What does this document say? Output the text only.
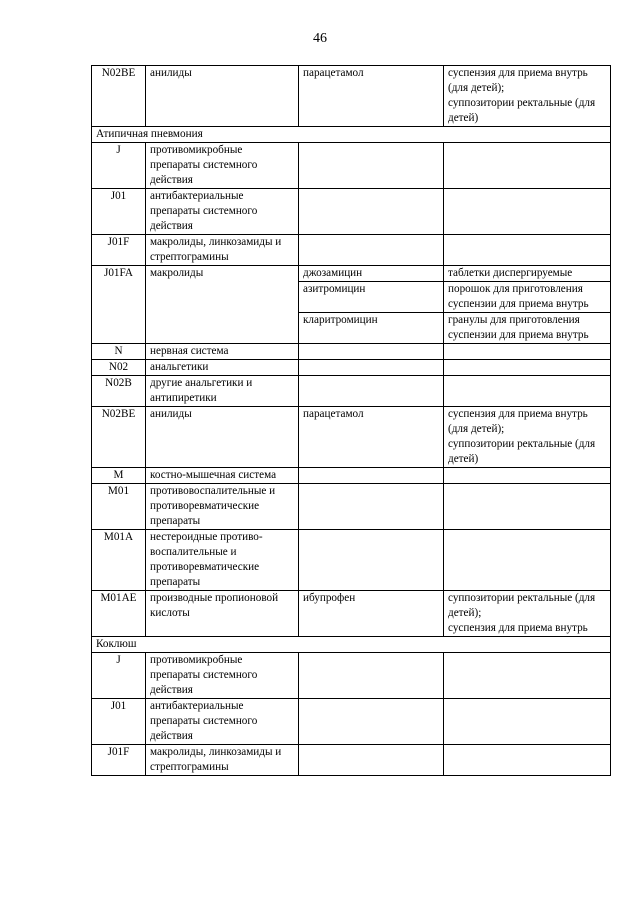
46
N02BE	анилиды	парацетамол	суспензия для приема внутрь (для детей);
суппозитории ректальные (для детей)

Атипичная пневмония			

J	противомикробные препараты системного действия		

J01	антибактериальные препараты системного действия		

J01F	макролиды, линкозамиды и стрептограмины		

J01FA	макролиды	джозамицин	таблетки диспергируемые

		азитромицин	порошок для приготовления суспензии для приема внутрь

		кларитромицин	гранулы для приготовления суспензии для приема внутрь

N	нервная система		

N02	анальгетики		

N02B	другие анальгетики и антипиретики		

N02BE	анилиды	парацетамол	суспензия для приема внутрь (для детей);
суппозитории ректальные (для детей)

M	костно-мышечная система		

M01	противовоспалительные и противоревматические препараты		

M01A	нестероидные противо-воспалительные и противоревматические препараты		

M01AE	производные пропионовой кислоты	ибупрофен	суппозитории ректальные (для детей);
суспензия для приема внутрь

Коклюш			

J	противомикробные препараты системного действия		

J01	антибактериальные препараты системного действия		

J01F	макролиды, линкозамиды и стрептограмины		
